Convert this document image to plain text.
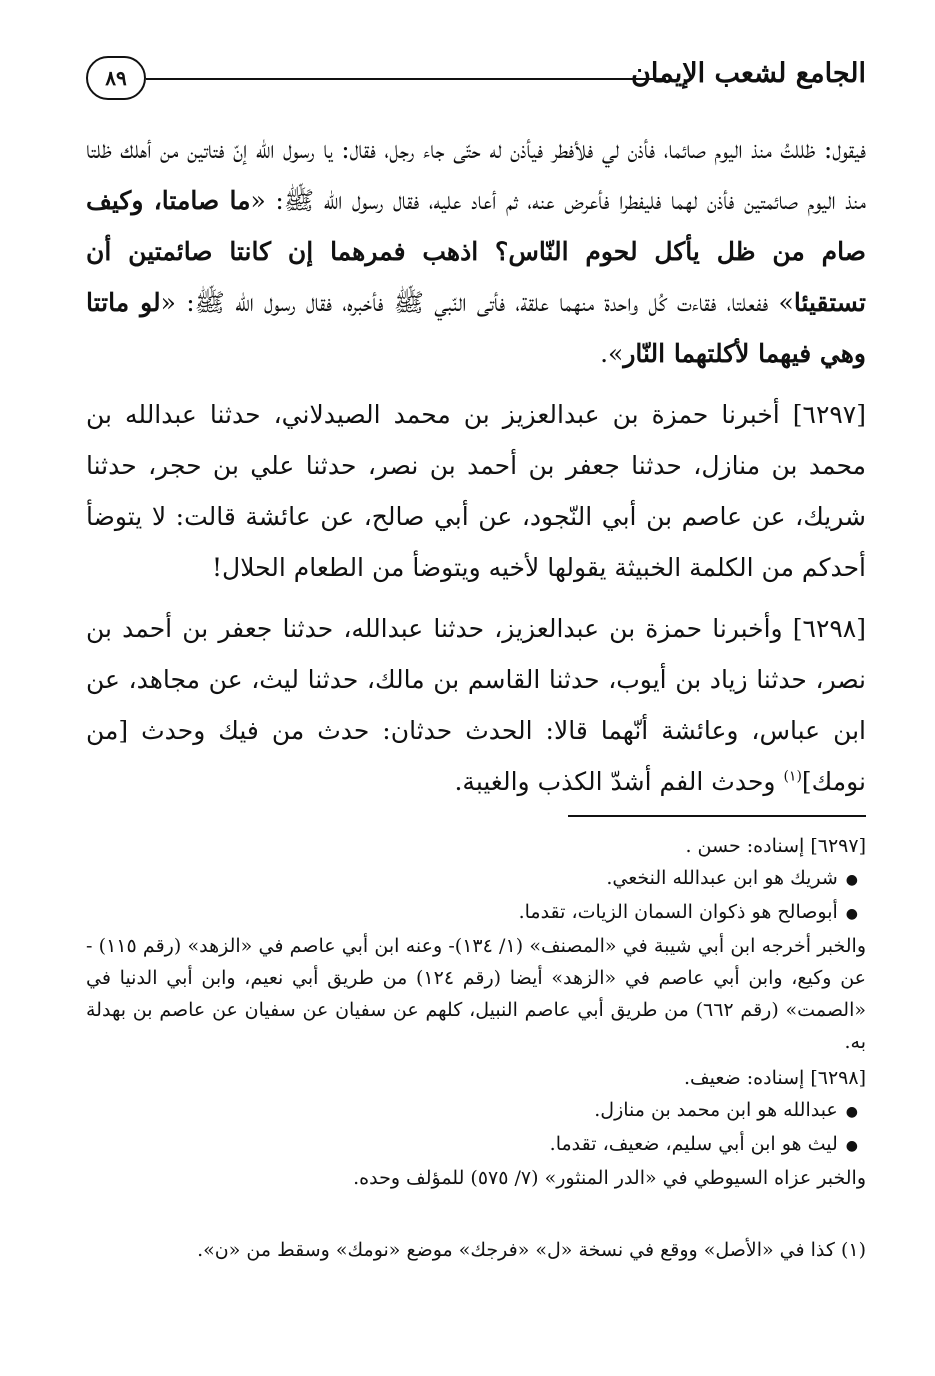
٨٩	الجامع لشعب الإيمان

فيقول: ظللتُ منذ اليوم صائما، فأذن لي فلأفطر فيأذن له حتّى جاء رجل، فقال: يا رسول الله إنّ فتاتين من أهلك ظلتا منذ اليوم صائمتين فأذن لهما فليفطرا فأعرض عنه، ثم أعاد عليه، فقال رسول الله ﷺ: «ما صامتا، وكيف صام من ظل يأكل لحوم النّاس؟ اذهب فمرهما إن كانتا صائمتين أن تستقيئا» ففعلتا، فقاءت كُل واحدة منهما علقة، فأتى النّبي ﷺ فأخبره، فقال رسول الله ﷺ: «لو ماتتا وهي فيهما لأكلتهما النّار».

[٦٢٩٧] أخبرنا حمزة بن عبدالعزيز بن محمد الصيدلاني، حدثنا عبدالله بن محمد بن منازل، حدثنا جعفر بن أحمد بن نصر، حدثنا علي بن حجر، حدثنا شريك، عن عاصم بن أبي النّجود، عن أبي صالح، عن عائشة قالت: لا يتوضأ أحدكم من الكلمة الخبيثة يقولها لأخيه ويتوضأ من الطعام الحلال!

[٦٢٩٨] وأخبرنا حمزة بن عبدالعزيز، حدثنا عبدالله، حدثنا جعفر بن أحمد بن نصر، حدثنا زياد بن أيوب، حدثنا القاسم بن مالك، حدثنا ليث، عن مجاهد، عن ابن عباس، وعائشة أنّهما قالا: الحدث حدثان: حدث من فيك وحدث [من نومك]$^{(١)}$ وحدث الفم أشدّ الكذب والغيبة.

[٦٢٩٧] إسناده: حسن .

● شريك هو ابن عبدالله النخعي.
● أبوصالح هو ذكوان السمان الزيات، تقدما.

والخبر أخرجه ابن أبي شيبة في «المصنف» (١/ ١٣٤)- وعنه ابن أبي عاصم في «الزهد» (رقم ١١٥) - عن وكيع، وابن أبي عاصم في «الزهد» أيضا (رقم ١٢٤) من طريق أبي نعيم، وابن أبي الدنيا في «الصمت» (رقم ٦٦٢) من طريق أبي عاصم النبيل، كلهم عن سفيان عن سفيان عن عاصم بن بهدلة به.

[٦٢٩٨] إسناده: ضعيف.

● عبدالله هو ابن محمد بن منازل.
● ليث هو ابن أبي سليم، ضعيف، تقدما.

والخبر عزاه السيوطي في «الدر المنثور» (٧/ ٥٧٥) للمؤلف وحده.

(١) كذا في «الأصل» ووقع في نسخة «ل» «فرجك» موضع «نومك» وسقط من «ن».
